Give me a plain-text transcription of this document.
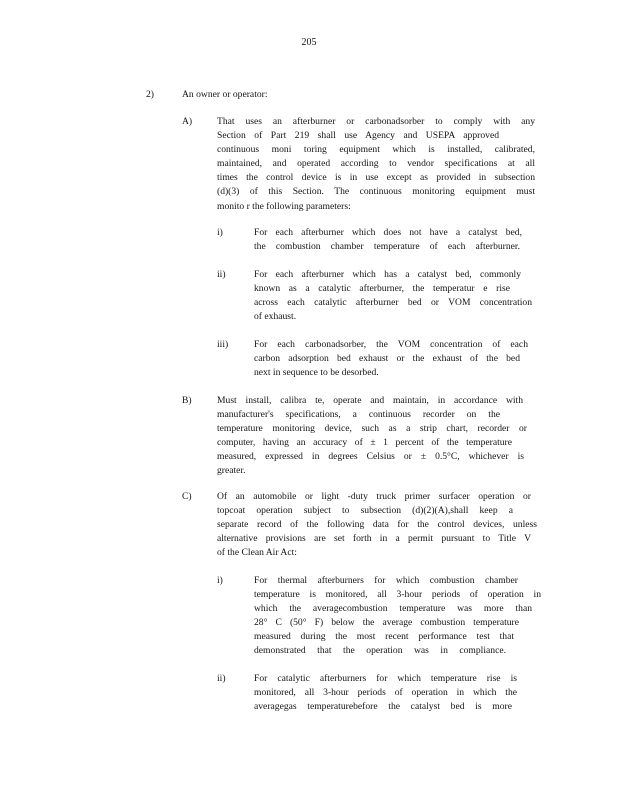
205
2)	An owner or operator:
A)	That uses an afterburner or carbonadsorber to comply with any
Section of Part 219 shall use Agency and USEPA approved
continuous moni toring equipment which is installed, calibrated,
maintained, and operated according to vendor specifications at all
times the control device is in use except as provided in subsection
(d)(3) of this Section. The continuous monitoring equipment must
monito r the following parameters:
i)	For each afterburner which does not have a catalyst bed,
the combustion chamber temperature of each afterburner.
ii)	For each afterburner which has a catalyst bed, commonly
known as a catalytic afterburner, the temperatur e rise
across each catalytic afterburner bed or VOM concentration
of exhaust.
iii)	For each carbonadsorber, the VOM concentration of each
carbon adsorption bed exhaust or the exhaust of the bed
next in sequence to be desorbed.
B)	Must install, calibra te, operate and maintain, in accordance with
manufacturer's specifications, a continuous recorder on the
temperature monitoring device, such as a strip chart, recorder or
computer, having an accuracy of ± 1 percent of the temperature
measured, expressed in degrees Celsius or ± 0.5°C, whichever is
greater.
C)	Of an automobile or light -duty truck primer surfacer operation or
topcoat operation subject to subsection (d)(2)(A),shall keep a
separate record of the following data for the control devices, unless
alternative provisions are set forth in a permit pursuant to Title V
of the Clean Air Act:
i)	For thermal afterburners for which combustion chamber
temperature is monitored, all 3-hour periods of operation in
which the averagecombustion temperature was more than
28° C (50° F) below the average combustion temperature
measured during the most recent performance test that
demonstrated that the operation was in compliance.
ii)	For catalytic afterburners for which temperature rise is
monitored, all 3-hour periods of operation in which the
averagegas temperaturebefore the catalyst bed is more
